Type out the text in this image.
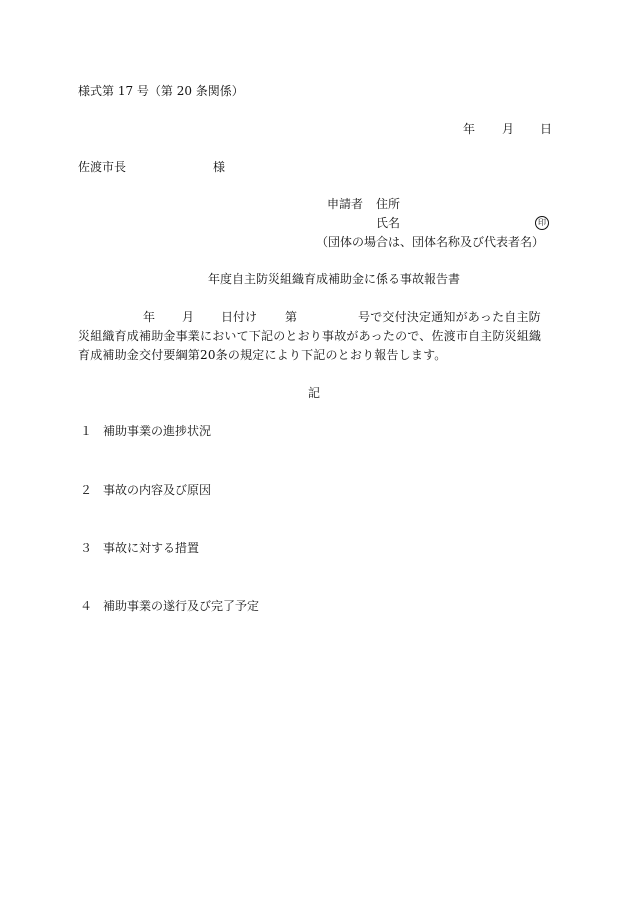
様式第 17 号（第 20 条関係）
年 月 日
佐渡市長	様
申請者 住所
氏名	印
（団体の場合は、団体名称及び代表者名）
年度自主防災組織育成補助金に係る事故報告書
年 月 日付け 第	号で交付決定通知があった自主防
災組織育成補助金事業において下記のとおり事故があったので、佐渡市自主防災組織
育成補助金交付要綱第20条の規定により下記のとおり報告します。
記
１ 補助事業の進捗状況
２ 事故の内容及び原因
３ 事故に対する措置
４ 補助事業の遂行及び完了予定
